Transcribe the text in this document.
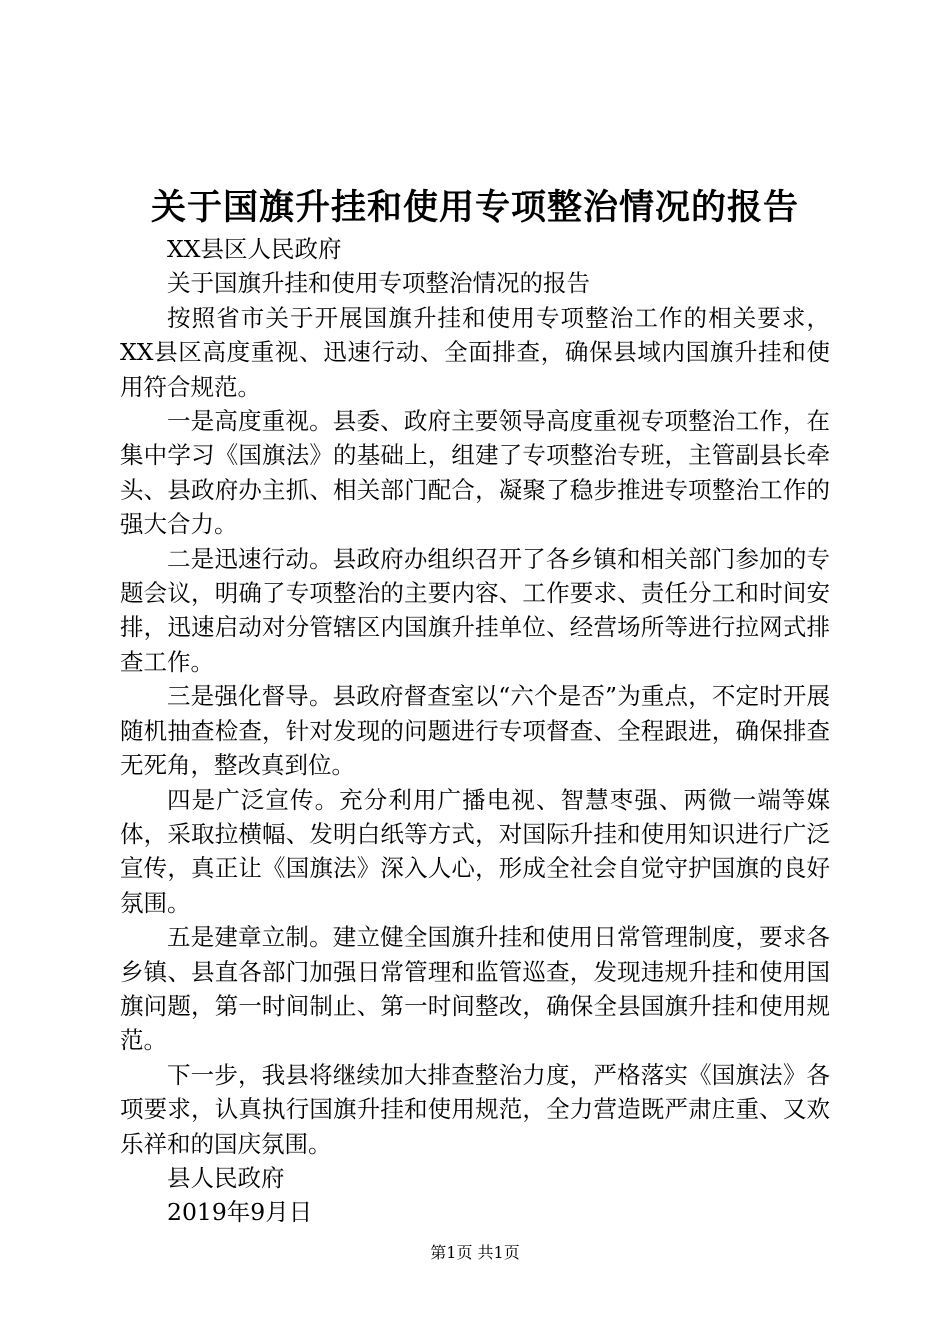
关于国旗升挂和使用专项整治情况的报告

XX县区人民政府

关于国旗升挂和使用专项整治情况的报告

按照省市关于开展国旗升挂和使用专项整治工作的相关要求，XX县区高度重视、迅速行动、全面排查，确保县域内国旗升挂和使用符合规范。

一是高度重视。县委、政府主要领导高度重视专项整治工作，在集中学习《国旗法》的基础上，组建了专项整治专班，主管副县长牵头、县政府办主抓、相关部门配合，凝聚了稳步推进专项整治工作的强大合力。

二是迅速行动。县政府办组织召开了各乡镇和相关部门参加的专题会议，明确了专项整治的主要内容、工作要求、责任分工和时间安排，迅速启动对分管辖区内国旗升挂单位、经营场所等进行拉网式排查工作。

三是强化督导。县政府督查室以“六个是否”为重点，不定时开展随机抽查检查，针对发现的问题进行专项督查、全程跟进，确保排查无死角，整改真到位。

四是广泛宣传。充分利用广播电视、智慧枣强、两微一端等媒体，采取拉横幅、发明白纸等方式，对国际升挂和使用知识进行广泛宣传，真正让《国旗法》深入人心，形成全社会自觉守护国旗的良好氛围。

五是建章立制。建立健全国旗升挂和使用日常管理制度，要求各乡镇、县直各部门加强日常管理和监管巡查，发现违规升挂和使用国旗问题，第一时间制止、第一时间整改，确保全县国旗升挂和使用规范。

下一步，我县将继续加大排查整治力度，严格落实《国旗法》各项要求，认真执行国旗升挂和使用规范，全力营造既严肃庄重、又欢乐祥和的国庆氛围。

县人民政府

2019年9月日

第1页 共1页
